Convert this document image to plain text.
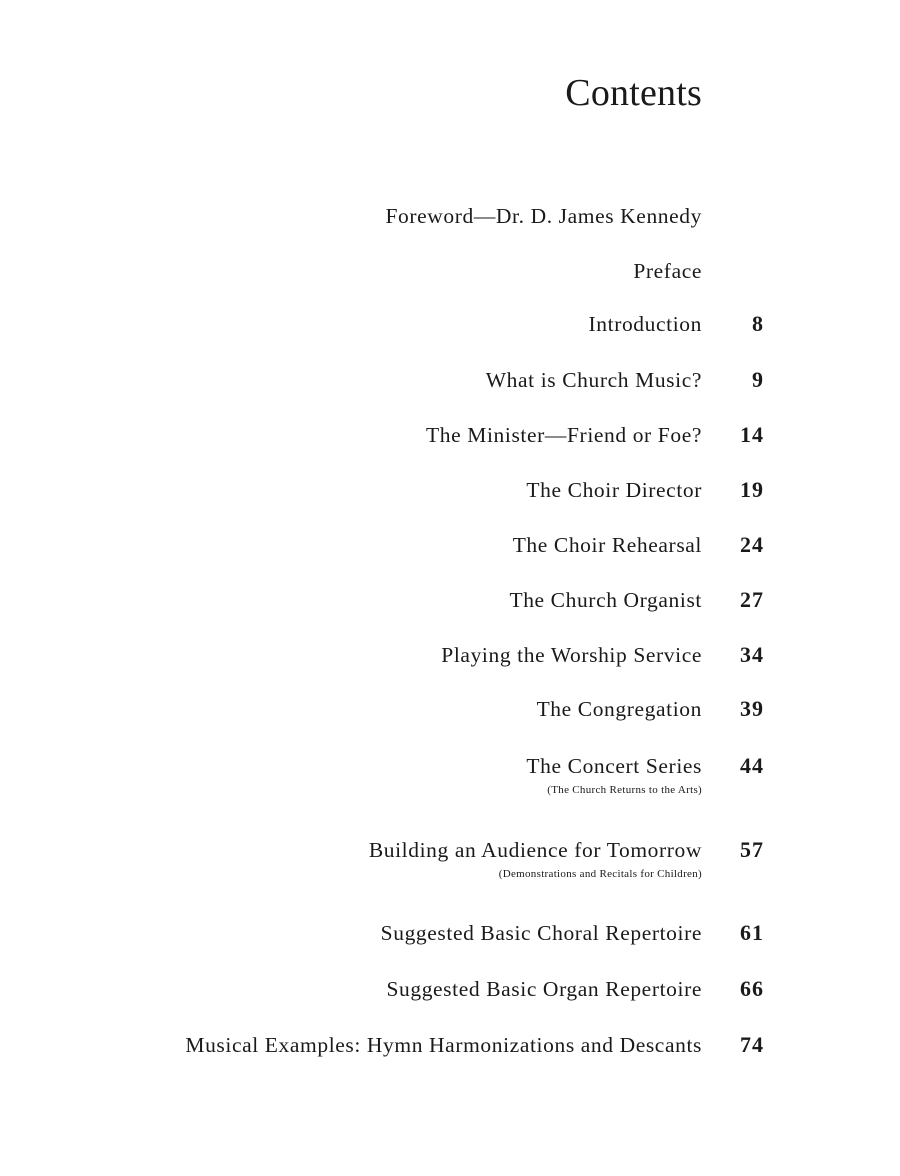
Contents
Foreword—Dr. D. James Kennedy
Preface
Introduction 8
What is Church Music? 9
The Minister—Friend or Foe? 14
The Choir Director 19
The Choir Rehearsal 24
The Church Organist 27
Playing the Worship Service 34
The Congregation 39
The Concert Series 44
(The Church Returns to the Arts)
Building an Audience for Tomorrow 57
(Demonstrations and Recitals for Children)
Suggested Basic Choral Repertoire 61
Suggested Basic Organ Repertoire 66
Musical Examples: Hymn Harmonizations and Descants 74
